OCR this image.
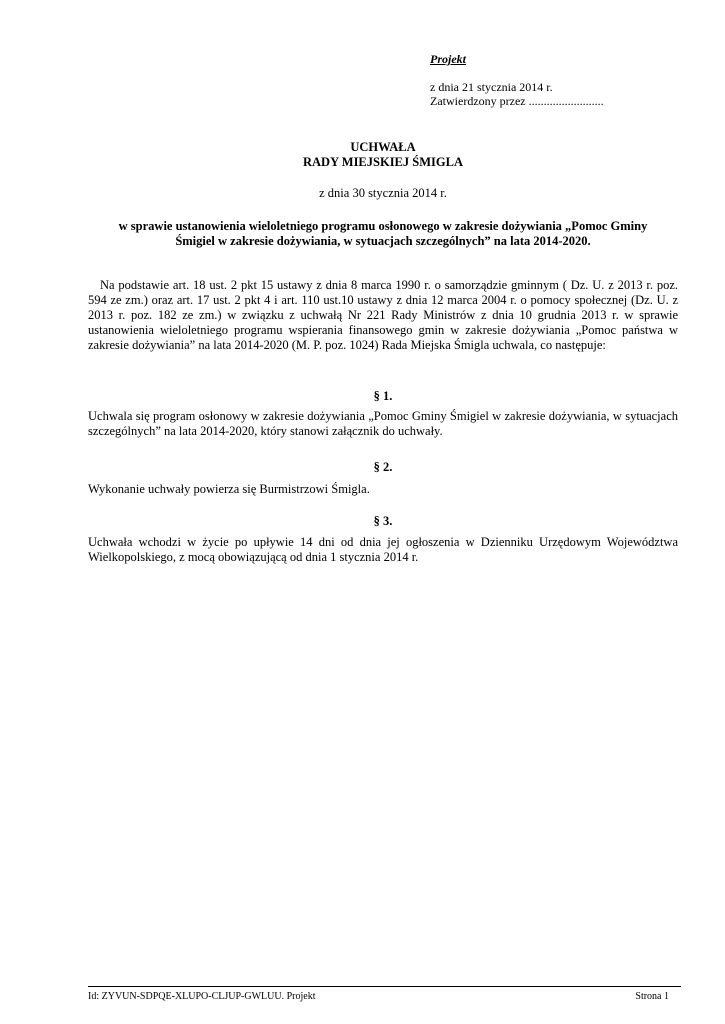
Projekt
z dnia 21 stycznia 2014 r.
Zatwierdzony przez .........................
UCHWAŁA
RADY MIEJSKIEJ ŚMIGLA
z dnia 30 stycznia 2014 r.
w sprawie ustanowienia wieloletniego programu osłonowego w zakresie dożywiania „Pomoc Gminy
Śmigiel w zakresie dożywiania, w sytuacjach szczególnych” na lata 2014-2020.
Na podstawie art. 18 ust. 2 pkt 15 ustawy z dnia 8 marca 1990 r. o samorządzie gminnym ( Dz. U. z 2013 r. poz. 594 ze zm.) oraz art. 17 ust. 2 pkt 4 i art. 110 ust.10 ustawy z dnia 12 marca 2004 r. o pomocy społecznej (Dz. U. z 2013 r. poz. 182 ze zm.) w związku z uchwałą Nr 221 Rady Ministrów z dnia 10 grudnia 2013 r. w sprawie ustanowienia wieloletniego programu wspierania finansowego gmin w zakresie dożywiania „Pomoc państwa w zakresie dożywiania” na lata 2014-2020 (M. P. poz. 1024) Rada Miejska Śmigla uchwala, co następuje:
§ 1.
Uchwala się program osłonowy w zakresie dożywiania „Pomoc Gminy Śmigiel w zakresie dożywiania, w sytuacjach szczególnych” na lata 2014-2020, który stanowi załącznik do uchwały.
§ 2.
Wykonanie uchwały powierza się Burmistrzowi Śmigla.
§ 3.
Uchwała wchodzi w życie po upływie 14 dni od dnia jej ogłoszenia w Dzienniku Urzędowym Województwa Wielkopolskiego, z mocą obowiązującą od dnia 1 stycznia 2014 r.
Id: ZYVUN-SDPQE-XLUPO-CLJUP-GWLUU. Projekt	Strona 1
